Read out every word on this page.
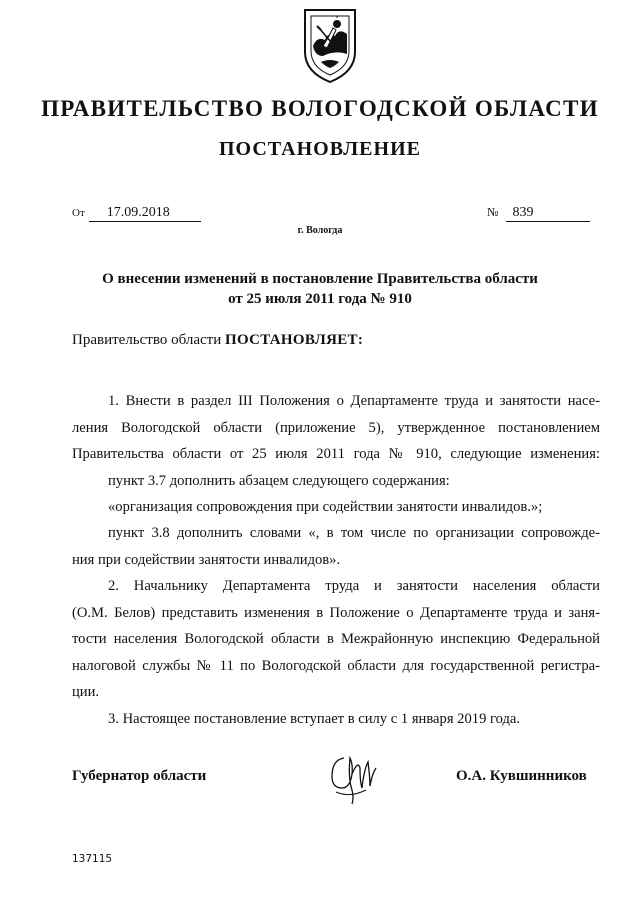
ПРАВИТЕЛЬСТВО ВОЛОГОДСКОЙ ОБЛАСТИ
ПОСТАНОВЛЕНИЕ
От 17.09.2018	№ 839
г. Вологда
О внесении изменений в постановление Правительства области
от 25 июля 2011 года № 910
Правительство области ПОСТАНОВЛЯЕТ:
1. Внести в раздел III Положения о Департаменте труда и занятости насе-
ления Вологодской области (приложение 5), утвержденное постановлением
Правительства области от 25 июля 2011 года № 910, следующие изменения:
пункт 3.7 дополнить абзацем следующего содержания:
«организация сопровождения при содействии занятости инвалидов.»;
пункт 3.8 дополнить словами «, в том числе по организации сопровожде-
ния при содействии занятости инвалидов».
2. Начальнику Департамента труда и занятости населения области
(О.М. Белов) представить изменения в Положение о Департаменте труда и заня-
тости населения Вологодской области в Межрайонную инспекцию Федеральной
налоговой службы № 11 по Вологодской области для государственной регистра-
ции.
3. Настоящее постановление вступает в силу с 1 января 2019 года.
Губернатор области	О.А. Кувшинников
137115
